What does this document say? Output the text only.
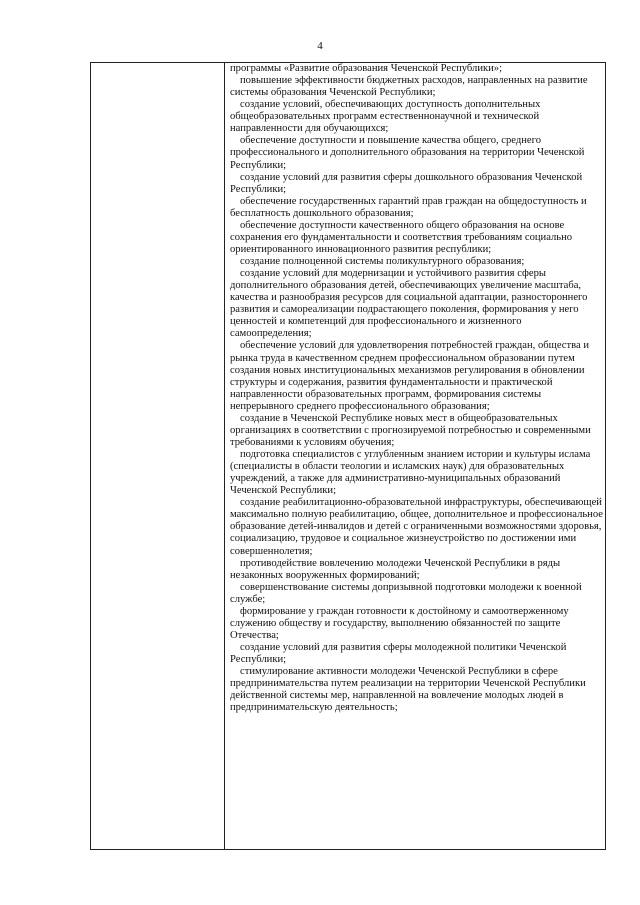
4

программы «Развитие образования Чеченской Республики»;

повышение эффективности бюджетных расходов, направленных на развитие системы образования Чеченской Республики;

создание условий, обеспечивающих доступность дополнительных общеобразовательных программ естественнонаучной и технической направленности для обучающихся;

обеспечение доступности и повышение качества общего, среднего профессионального и дополнительного образования на территории Чеченской Республики;

создание условий для развития сферы дошкольного образования Чеченской Республики;

обеспечение государственных гарантий прав граждан на общедоступность и бесплатность дошкольного образования;

обеспечение доступности качественного общего образования на основе сохранения его фундаментальности и соответствия требованиям социально ориентированного инновационного развития республики;

создание полноценной системы поликультурного образования;

создание условий для модернизации и устойчивого развития сферы дополнительного образования детей, обеспечивающих увеличение масштаба, качества и разнообразия ресурсов для социальной адаптации, разностороннего развития и самореализации подрастающего поколения, формирования у него ценностей и компетенций для профессионального и жизненного самоопределения;

обеспечение условий для удовлетворения потребностей граждан, общества и рынка труда в качественном среднем профессиональном образовании путем создания новых институциональных механизмов регулирования в обновлении структуры и содержания, развития фундаментальности и практической направленности образовательных программ, формирования системы непрерывного среднего профессионального образования;

создание в Чеченской Республике новых мест в общеобразовательных организациях в соответствии с прогнозируемой потребностью и современными требованиями к условиям обучения;

подготовка специалистов с углубленным знанием истории и культуры ислама (специалисты в области теологии и исламских наук) для образовательных учреждений, а также для административно-муниципальных образований Чеченской Республики;

создание реабилитационно-образовательной инфраструктуры, обеспечивающей максимально полную реабилитацию, общее, дополнительное и профессиональное образование детей-инвалидов и детей с ограниченными возможностями здоровья, социализацию, трудовое и социальное жизнеустройство по достижении ими совершеннолетия;

противодействие вовлечению молодежи Чеченской Республики в ряды незаконных вооруженных формирований;

совершенствование системы допризывной подготовки молодежи к военной службе;

формирование у граждан готовности к достойному и самоотверженному служению обществу и государству, выполнению обязанностей по защите Отечества;

создание условий для развития сферы молодежной политики Чеченской Республики;

стимулирование активности молодежи Чеченской Республики в сфере предпринимательства путем реализации на территории Чеченской Республики действенной системы мер, направленной на вовлечение молодых людей в предпринимательскую деятельность;
